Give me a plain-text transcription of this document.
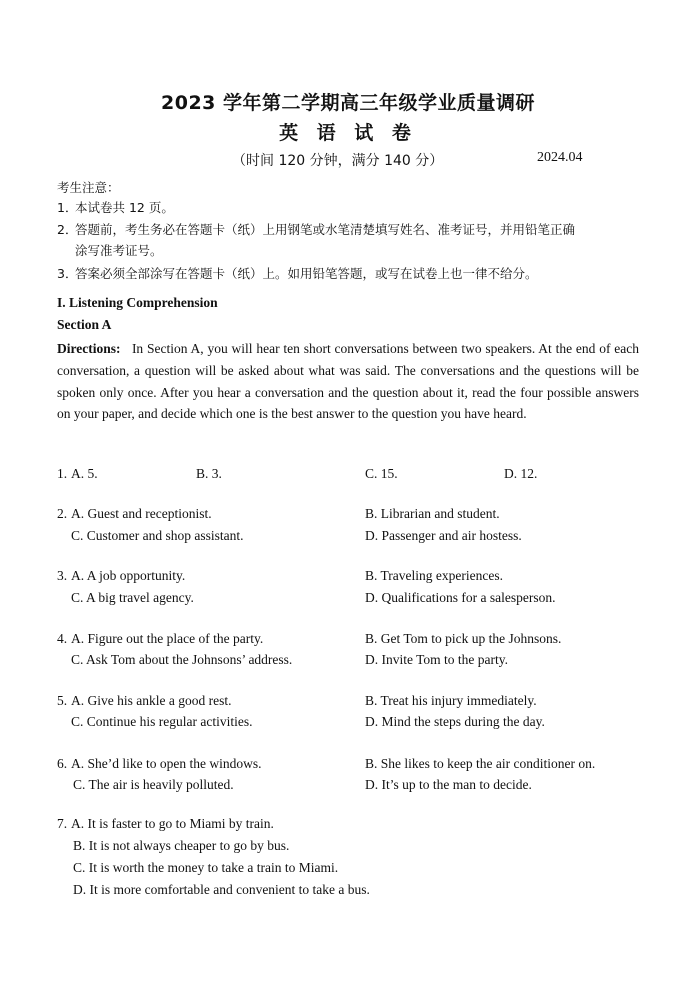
2023 学年第二学期高三年级学业质量调研
英 语 试 卷
（时间 120 分钟，满分 140 分）	2024.04
考生注意：
1．本试卷共 12 页。
2．答题前，考生务必在答题卡（纸）上用钢笔或水笔清楚填写姓名、准考证号，并用铅笔正确
涂写准考证号。
3．答案必须全部涂写在答题卡（纸）上。如用铅笔答题，或写在试卷上也一律不给分。
I. Listening Comprehension
Section A
Directions: In Section A, you will hear ten short conversations between two speakers. At the end of each conversation, a question will be asked about what was said. The conversations and the questions will be spoken only once. After you hear a conversation and the question about it, read the four possible answers on your paper, and decide which one is the best answer to the question you have heard.
1. A. 5.	B. 3.	C. 15.	D. 12.
2. A. Guest and receptionist.	B. Librarian and student.
C. Customer and shop assistant.	D. Passenger and air hostess.
3. A. A job opportunity.	B. Traveling experiences.
C. A big travel agency.	D. Qualifications for a salesperson.
4. A. Figure out the place of the party.	B. Get Tom to pick up the Johnsons.
C. Ask Tom about the Johnsons’ address.	D. Invite Tom to the party.
5. A. Give his ankle a good rest.	B. Treat his injury immediately.
C. Continue his regular activities.	D. Mind the steps during the day.
6. A. She’d like to open the windows.	B. She likes to keep the air conditioner on.
C. The air is heavily polluted.	D. It’s up to the man to decide.
7. A. It is faster to go to Miami by train.
B. It is not always cheaper to go by bus.
C. It is worth the money to take a train to Miami.
D. It is more comfortable and convenient to take a bus.
